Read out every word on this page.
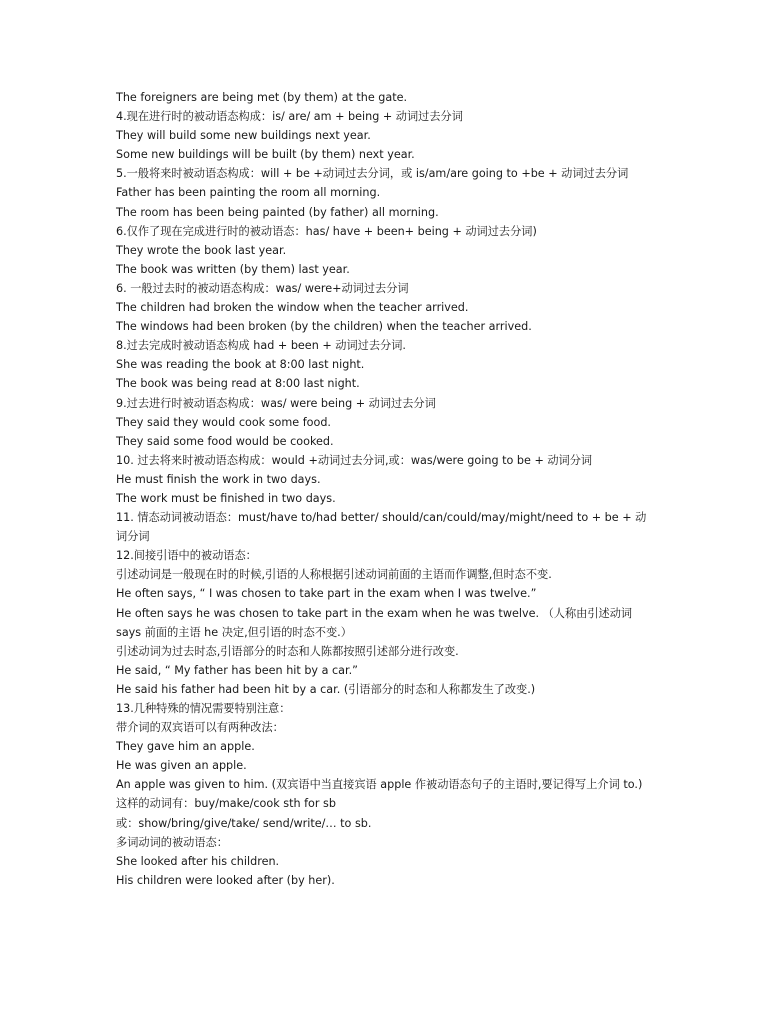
The foreigners are being met (by them) at the gate.

4.现在进行时的被动语态构成：is/ are/ am + being + 动词过去分词

They will build some new buildings next year.

Some new buildings will be built (by them) next year.

5.一般将来时被动语态构成：will + be +动词过去分词，或 is/am/are going to +be + 动词过去分词

Father has been painting the room all morning.

The room has been being painted (by father) all morning.

6.仅作了现在完成进行时的被动语态：has/ have + been+ being + 动词过去分词)

They wrote the book last year.

The book was written (by them) last year.

6. 一般过去时的被动语态构成：was/ were+动词过去分词

The children had broken the window when the teacher arrived.

The windows had been broken (by the children) when the teacher arrived.

8.过去完成时被动语态构成 had + been + 动词过去分词.

She was reading the book at 8:00 last night.

The book was being read at 8:00 last night.

9.过去进行时被动语态构成：was/ were being + 动词过去分词

They said they would cook some food.

They said some food would be cooked.

10. 过去将来时被动语态构成：would +动词过去分词,或：was/were going to be + 动词分词

He must finish the work in two days.

The work must be finished in two days.

11. 情态动词被动语态：must/have to/had better/ should/can/could/may/might/need to + be + 动词分词

12.间接引语中的被动语态：

引述动词是一般现在时的时候,引语的人称根据引述动词前面的主语而作调整,但时态不变.

He often says, “ I was chosen to take part in the exam when I was twelve.”

He often says he was chosen to take part in the exam when he was twelve. （人称由引述动词 says 前面的主语 he 决定,但引语的时态不变.）

引述动词为过去时态,引语部分的时态和人陈都按照引述部分进行改变.

He said, “ My father has been hit by a car.”

He said his father had been hit by a car. (引语部分的时态和人称都发生了改变.)

13.几种特殊的情况需要特别注意：

带介词的双宾语可以有两种改法：

They gave him an apple.

He was given an apple.

An apple was given to him. (双宾语中当直接宾语 apple 作被动语态句子的主语时,要记得写上介词 to.)

这样的动词有：buy/make/cook sth for sb

或：show/bring/give/take/ send/write/… to sb.

多词动词的被动语态：

She looked after his children.

His children were looked after (by her).
